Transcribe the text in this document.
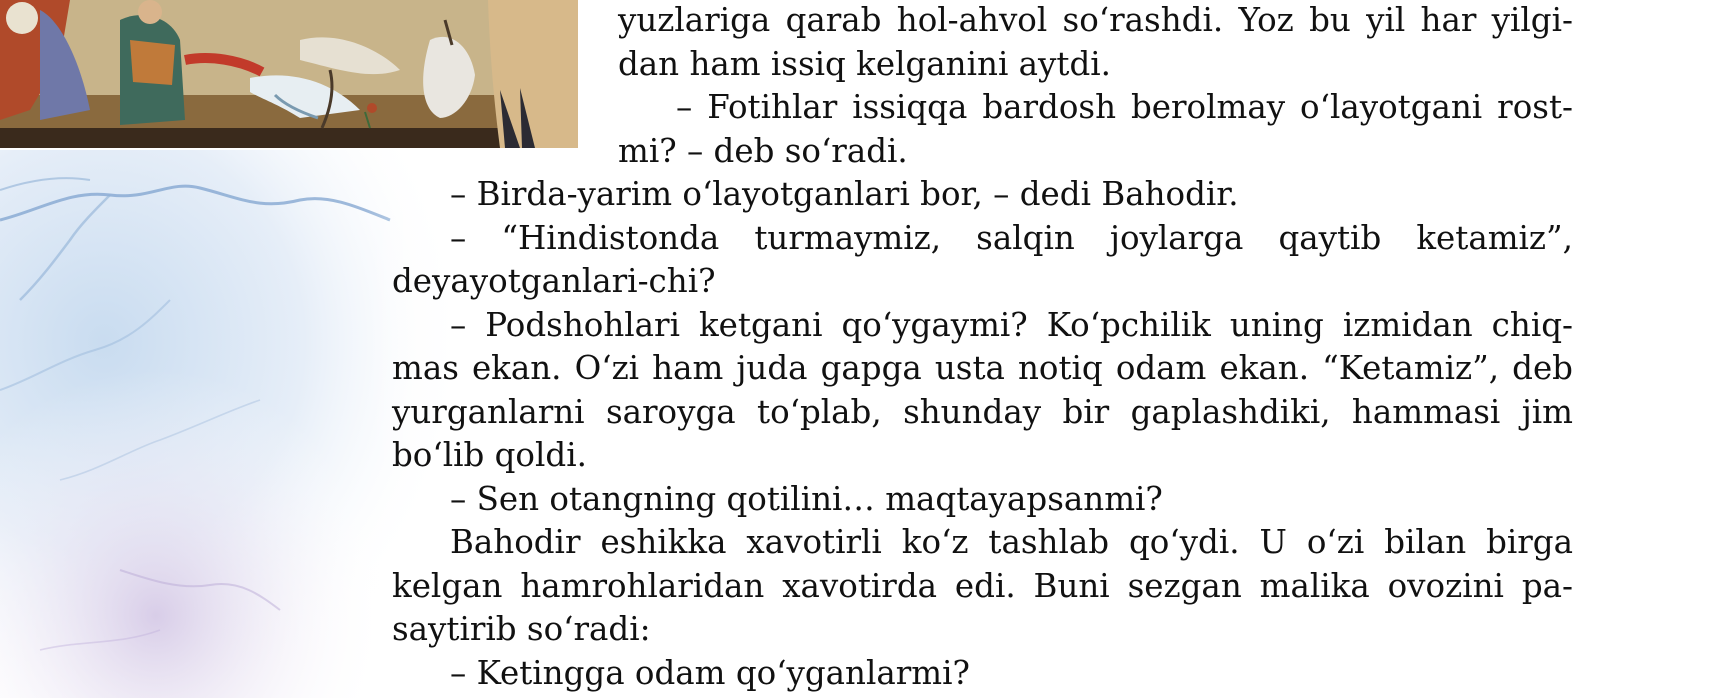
yuzlariga qarab hol-ahvol so‘rashdi. Yoz bu yil har yilgi-
dan ham issiq kelganini aytdi.
– Fotihlar issiqqa bardosh berolmay o‘layotgani rost-
mi? – deb so‘radi.
– Birda-yarim o‘layotganlari bor, – dedi Bahodir.
– “Hindistonda turmaymiz, salqin joylarga qaytib ketamiz”,
deyayotganlari-chi?
– Podshohlari ketgani qo‘ygaymi? Ko‘pchilik uning izmidan chiq-
mas ekan. O‘zi ham juda gapga usta notiq odam ekan. “Ketamiz”, deb
yurganlarni saroyga to‘plab, shunday bir gaplashdiki, hammasi jim
bo‘lib qoldi.
– Sen otangning qotilini… maqtayapsanmi?
Bahodir eshikka xavotirli ko‘z tashlab qo‘ydi. U o‘zi bilan birga
kelgan hamrohlaridan xavotirda edi. Buni sezgan malika ovozini pa-
saytirib so‘radi:
– Ketingga odam qo‘yganlarmi?
